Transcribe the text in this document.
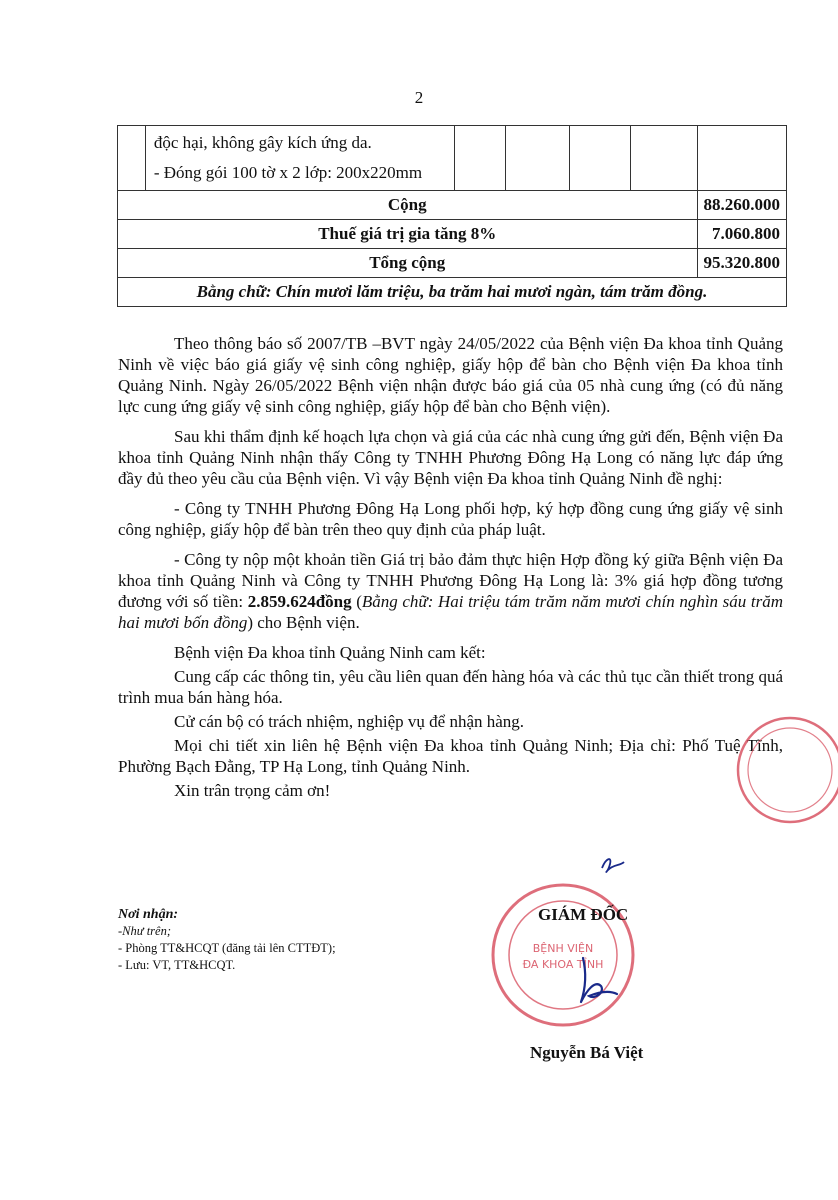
2
	độc hại, không gây kích ứng da.
- Đóng gói 100 tờ x 2 lớp: 200x220mm					
Cộng						88.260.000
Thuế giá trị gia tăng 8%						7.060.800
Tổng cộng						95.320.800
Bằng chữ: Chín mươi lăm triệu, ba trăm hai mươi ngàn, tám trăm đồng.						

Theo thông báo số 2007/TB –BVT ngày 24/05/2022 của Bệnh viện Đa khoa tỉnh Quảng Ninh về việc báo giá giấy vệ sinh công nghiệp, giấy hộp để bàn cho Bệnh viện Đa khoa tỉnh Quảng Ninh. Ngày 26/05/2022 Bệnh viện nhận được báo giá của 05 nhà cung ứng (có đủ năng lực cung ứng giấy vệ sinh công nghiệp, giấy hộp để bàn cho Bệnh viện).

Sau khi thẩm định kế hoạch lựa chọn và giá của các nhà cung ứng gửi đến, Bệnh viện Đa khoa tỉnh Quảng Ninh nhận thấy Công ty TNHH Phương Đông Hạ Long có năng lực đáp ứng đầy đủ theo yêu cầu của Bệnh viện. Vì vậy Bệnh viện Đa khoa tỉnh Quảng Ninh đề nghị:

- Công ty TNHH Phương Đông Hạ Long phối hợp, ký hợp đồng cung ứng giấy vệ sinh công nghiệp, giấy hộp để bàn trên theo quy định của pháp luật.

- Công ty nộp một khoản tiền Giá trị bảo đảm thực hiện Hợp đồng ký giữa Bệnh viện Đa khoa tỉnh Quảng Ninh và Công ty TNHH Phương Đông Hạ Long là: 3% giá hợp đồng tương đương với số tiền: 2.859.624đồng (Bằng chữ: Hai triệu tám trăm năm mươi chín nghìn sáu trăm hai mươi bốn đồng) cho Bệnh viện.

Bệnh viện Đa khoa tỉnh Quảng Ninh cam kết:

Cung cấp các thông tin, yêu cầu liên quan đến hàng hóa và các thủ tục cần thiết trong quá trình mua bán hàng hóa.

Cử cán bộ có trách nhiệm, nghiệp vụ để nhận hàng.

Mọi chi tiết xin liên hệ Bệnh viện Đa khoa tỉnh Quảng Ninh; Địa chỉ: Phố Tuệ Tĩnh, Phường Bạch Đằng, TP Hạ Long, tỉnh Quảng Ninh.

Xin trân trọng cảm ơn!

Nơi nhận:
-Như trên;
- Phòng TT&HCQT (đăng tải lên CTTĐT);
- Lưu: VT, TT&HCQT.
BỆNH VIỆN
ĐA KHOA TỈNH
GIÁM ĐỐC
Nguyễn Bá Việt
